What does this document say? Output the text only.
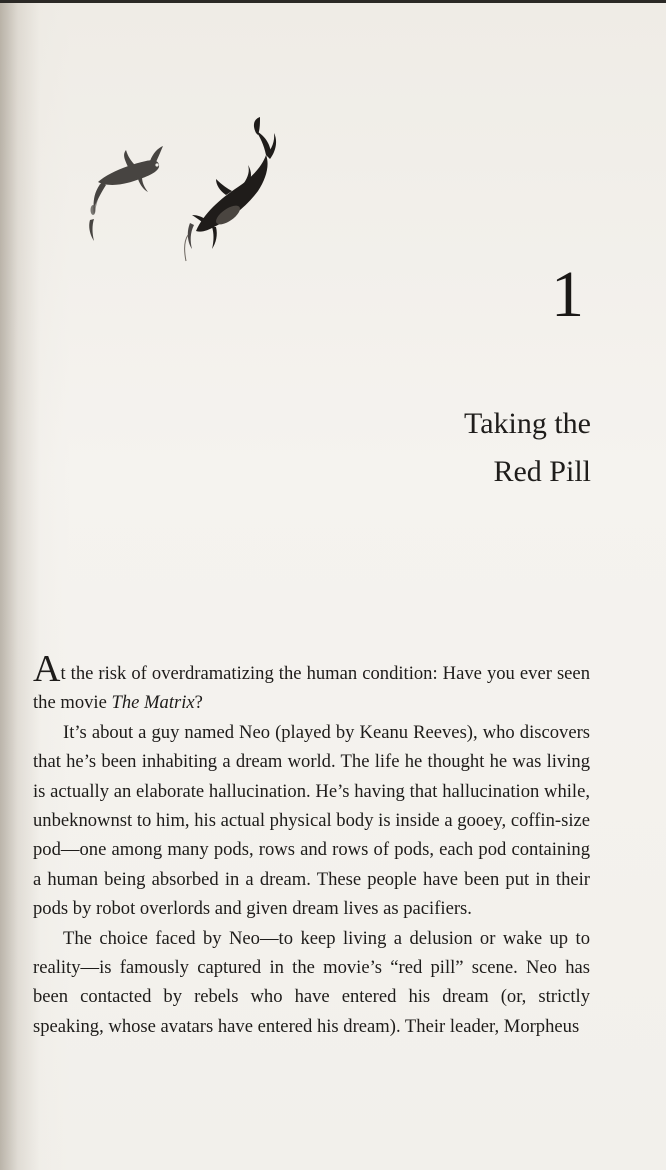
1
Taking the
Red Pill

At the risk of overdramatizing the human condition: Have you ever seen the movie The Matrix?

It’s about a guy named Neo (played by Keanu Reeves), who discovers that he’s been inhabiting a dream world. The life he thought he was living is actually an elaborate hallucination. He’s having that hallucination while, unbeknownst to him, his actual physical body is inside a gooey, coffin-size pod—one among many pods, rows and rows of pods, each pod containing a human being absorbed in a dream. These people have been put in their pods by robot overlords and given dream lives as pacifiers.

The choice faced by Neo—to keep living a delusion or wake up to reality—is famously captured in the movie’s “red pill” scene. Neo has been contacted by rebels who have entered his dream (or, strictly speaking, whose avatars have entered his dream). Their leader, Morpheus
